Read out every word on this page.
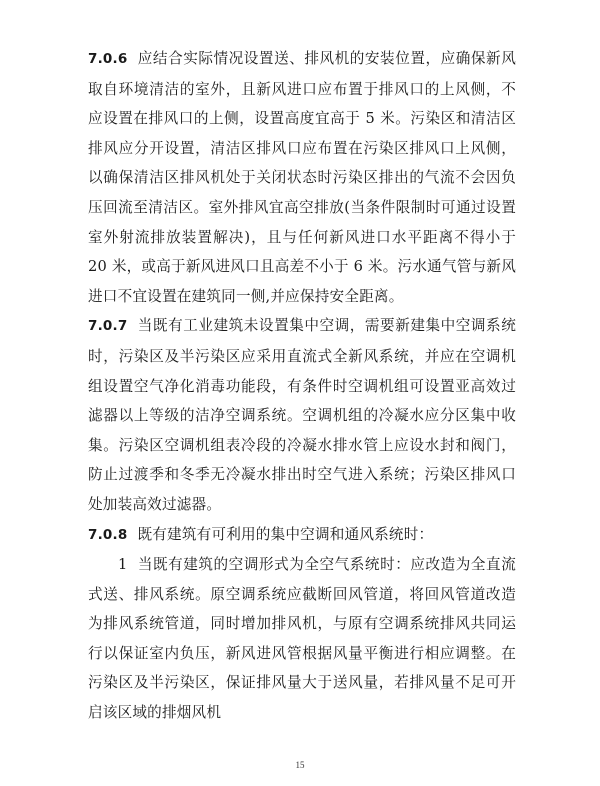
7.0.6 应结合实际情况设置送、排风机的安装位置，应确保新风取自环境清洁的室外，且新风进口应布置于排风口的上风侧，不应设置在排风口的上侧，设置高度宜高于 5 米。污染区和清洁区排风应分开设置，清洁区排风口应布置在污染区排风口上风侧，以确保清洁区排风机处于关闭状态时污染区排出的气流不会因负压回流至清洁区。室外排风宜高空排放(当条件限制时可通过设置室外射流排放装置解决)，且与任何新风进口水平距离不得小于 20 米，或高于新风进风口且高差不小于 6 米。污水通气管与新风进口不宜设置在建筑同一侧,并应保持安全距离。

7.0.7 当既有工业建筑未设置集中空调，需要新建集中空调系统时，污染区及半污染区应采用直流式全新风系统，并应在空调机组设置空气净化消毒功能段，有条件时空调机组可设置亚高效过滤器以上等级的洁净空调系统。空调机组的冷凝水应分区集中收集。污染区空调机组表冷段的冷凝水排水管上应设水封和阀门，防止过渡季和冬季无冷凝水排出时空气进入系统；污染区排风口处加装高效过滤器。

7.0.8 既有建筑有可利用的集中空调和通风系统时：

1 当既有建筑的空调形式为全空气系统时：应改造为全直流式送、排风系统。原空调系统应截断回风管道，将回风管道改造为排风系统管道，同时增加排风机，与原有空调系统排风共同运行以保证室内负压，新风进风管根据风量平衡进行相应调整。在污染区及半污染区，保证排风量大于送风量，若排风量不足可开启该区域的排烟风机

15
